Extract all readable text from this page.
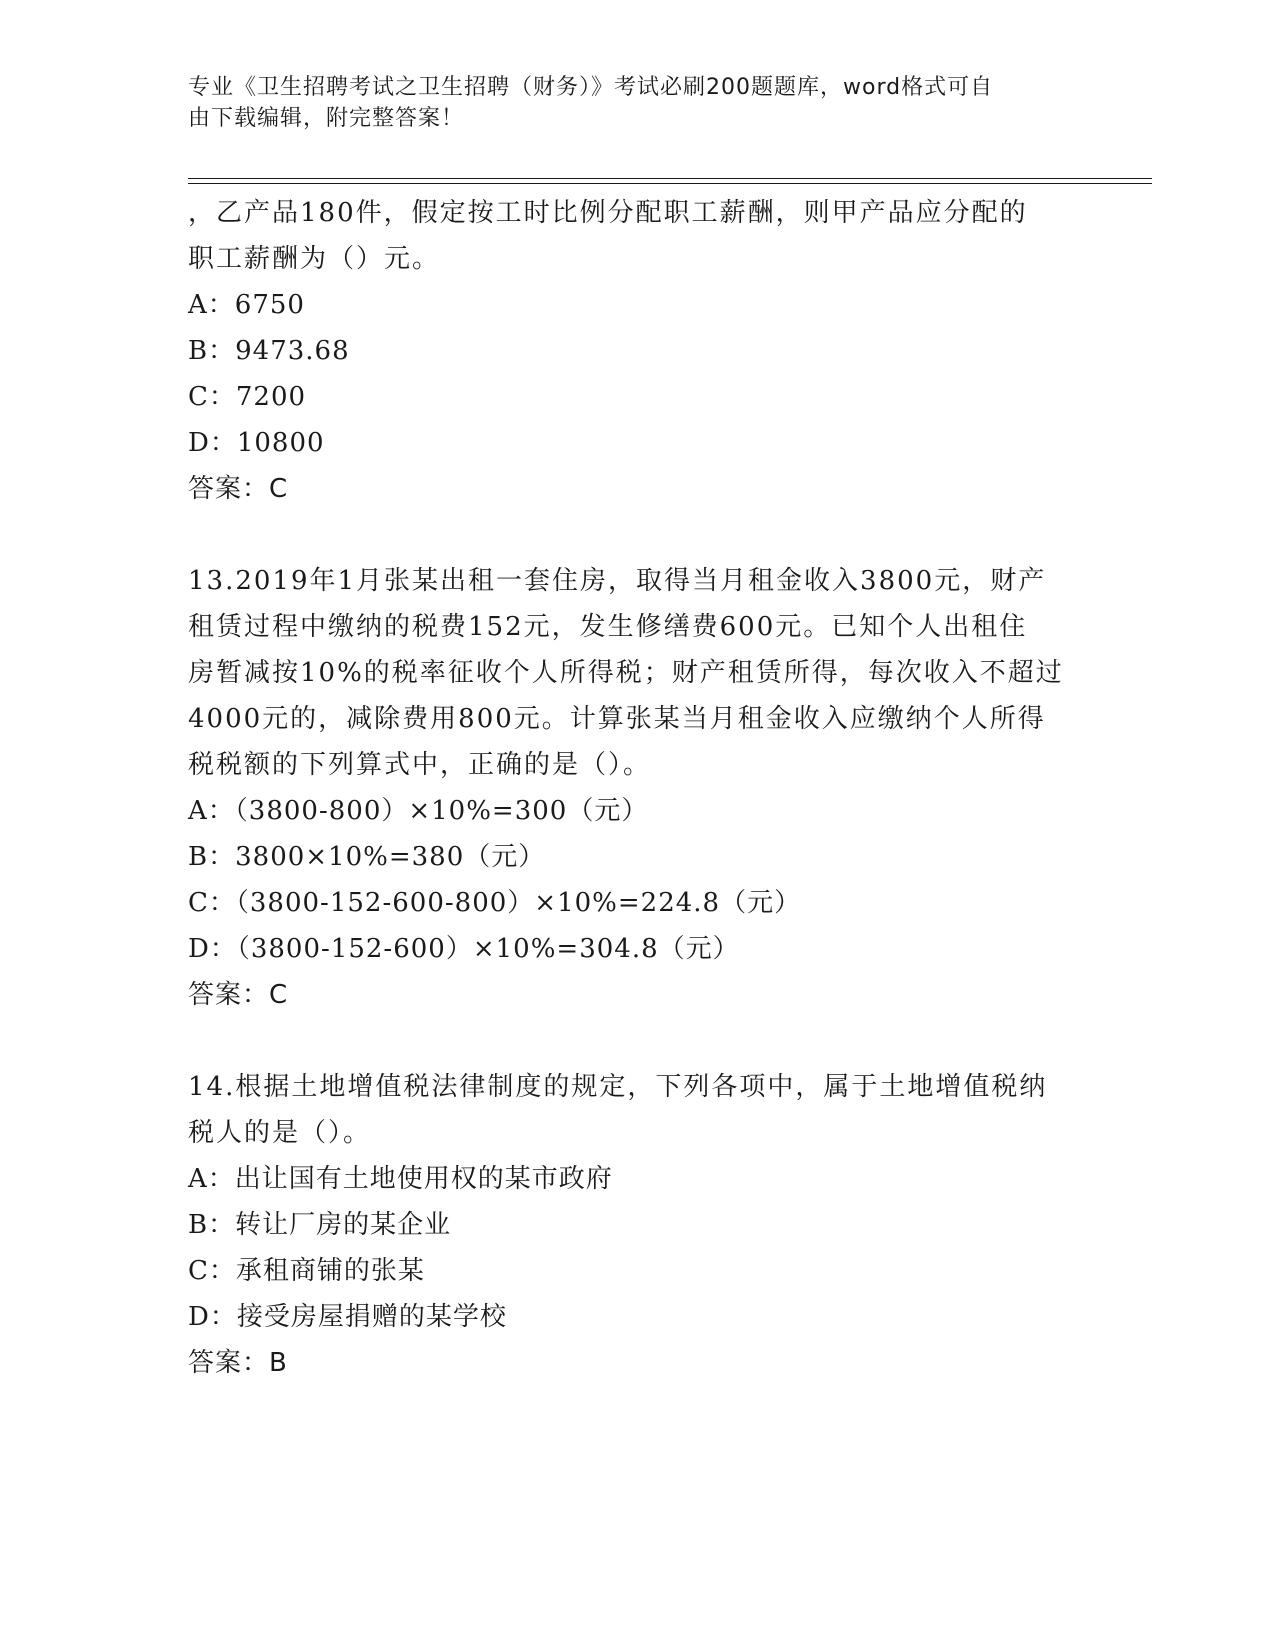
专业《卫生招聘考试之卫生招聘（财务）》考试必刷200题题库，word格式可自
由下载编辑，附完整答案！

，乙产品180件，假定按工时比例分配职工薪酬，则甲产品应分配的

职工薪酬为（）元。

A：6750

B：9473.68

C：7200

D：10800

答案：C

13.2019年1月张某出租一套住房，取得当月租金收入3800元，财产

租赁过程中缴纳的税费152元，发生修缮费600元。已知个人出租住

房暂减按10%的税率征收个人所得税；财产租赁所得，每次收入不超过

4000元的，减除费用800元。计算张某当月租金收入应缴纳个人所得

税税额的下列算式中，正确的是（）。

A：（3800-800）×10%=300（元）

B：3800×10%=380（元）

C：（3800-152-600-800）×10%=224.8（元）

D：（3800-152-600）×10%=304.8（元）

答案：C

14.根据土地增值税法律制度的规定，下列各项中，属于土地增值税纳

税人的是（）。

A：出让国有土地使用权的某市政府

B：转让厂房的某企业

C：承租商铺的张某

D：接受房屋捐赠的某学校

答案：B
